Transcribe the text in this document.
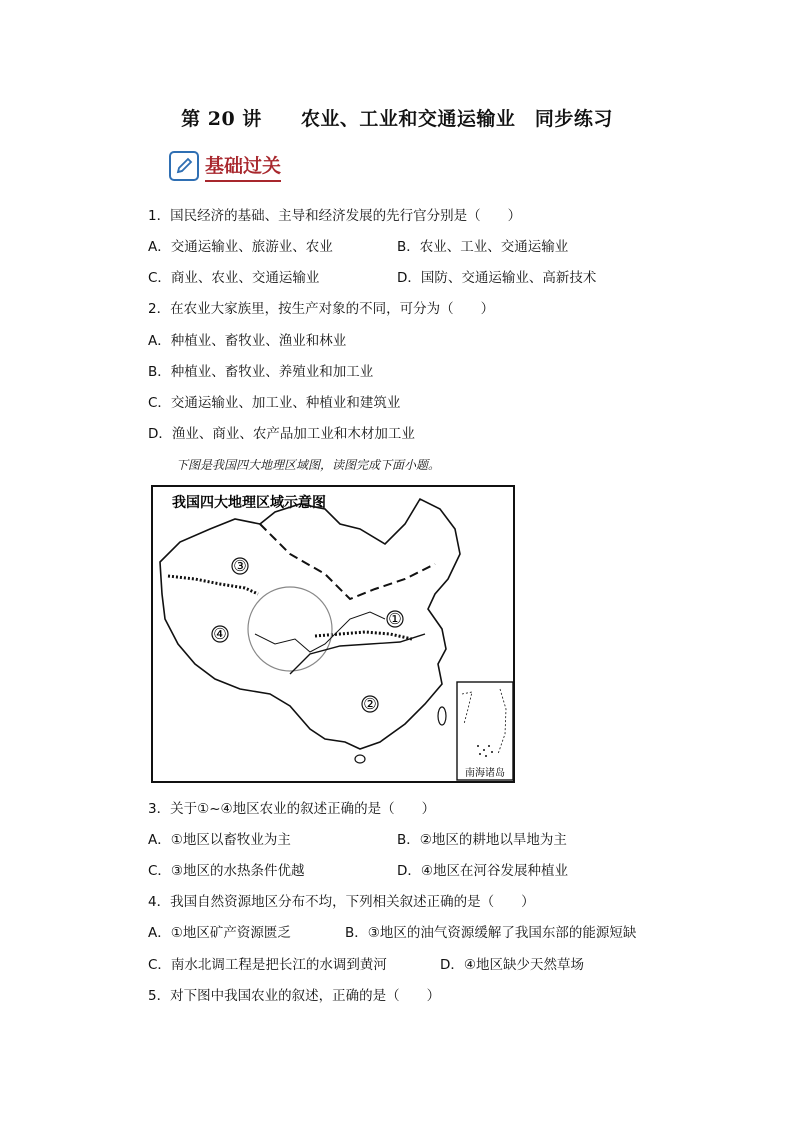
第 20 讲　　 农业、工业和交通运输业　 同步练习
基础过关
1．国民经济的基础、主导和经济发展的先行官分别是（　　）
A．交通运输业、旅游业、农业	B．农业、工业、交通运输业
C．商业、农业、交通运输业	D．国防、交通运输业、高新技术
2．在农业大家族里，按生产对象的不同，可分为（　　）
A．种植业、畜牧业、渔业和林业
B．种植业、畜牧业、养殖业和加工业
C．交通运输业、加工业、种植业和建筑业
D．渔业、商业、农产品加工业和木材加工业
下图是我国四大地理区域图，读图完成下面小题。
我国四大地理区域示意图
①
②
③
④
南海诸岛
3．关于①~④地区农业的叙述正确的是（　　）
A．①地区以畜牧业为主	B．②地区的耕地以旱地为主
C．③地区的水热条件优越	D．④地区在河谷发展种植业
4．我国自然资源地区分布不均，下列相关叙述正确的是（　　）
A．①地区矿产资源匮乏	B．③地区的油气资源缓解了我国东部的能源短缺
C．南水北调工程是把长江的水调到黄河	D．④地区缺少天然草场
5．对下图中我国农业的叙述，正确的是（　　）
